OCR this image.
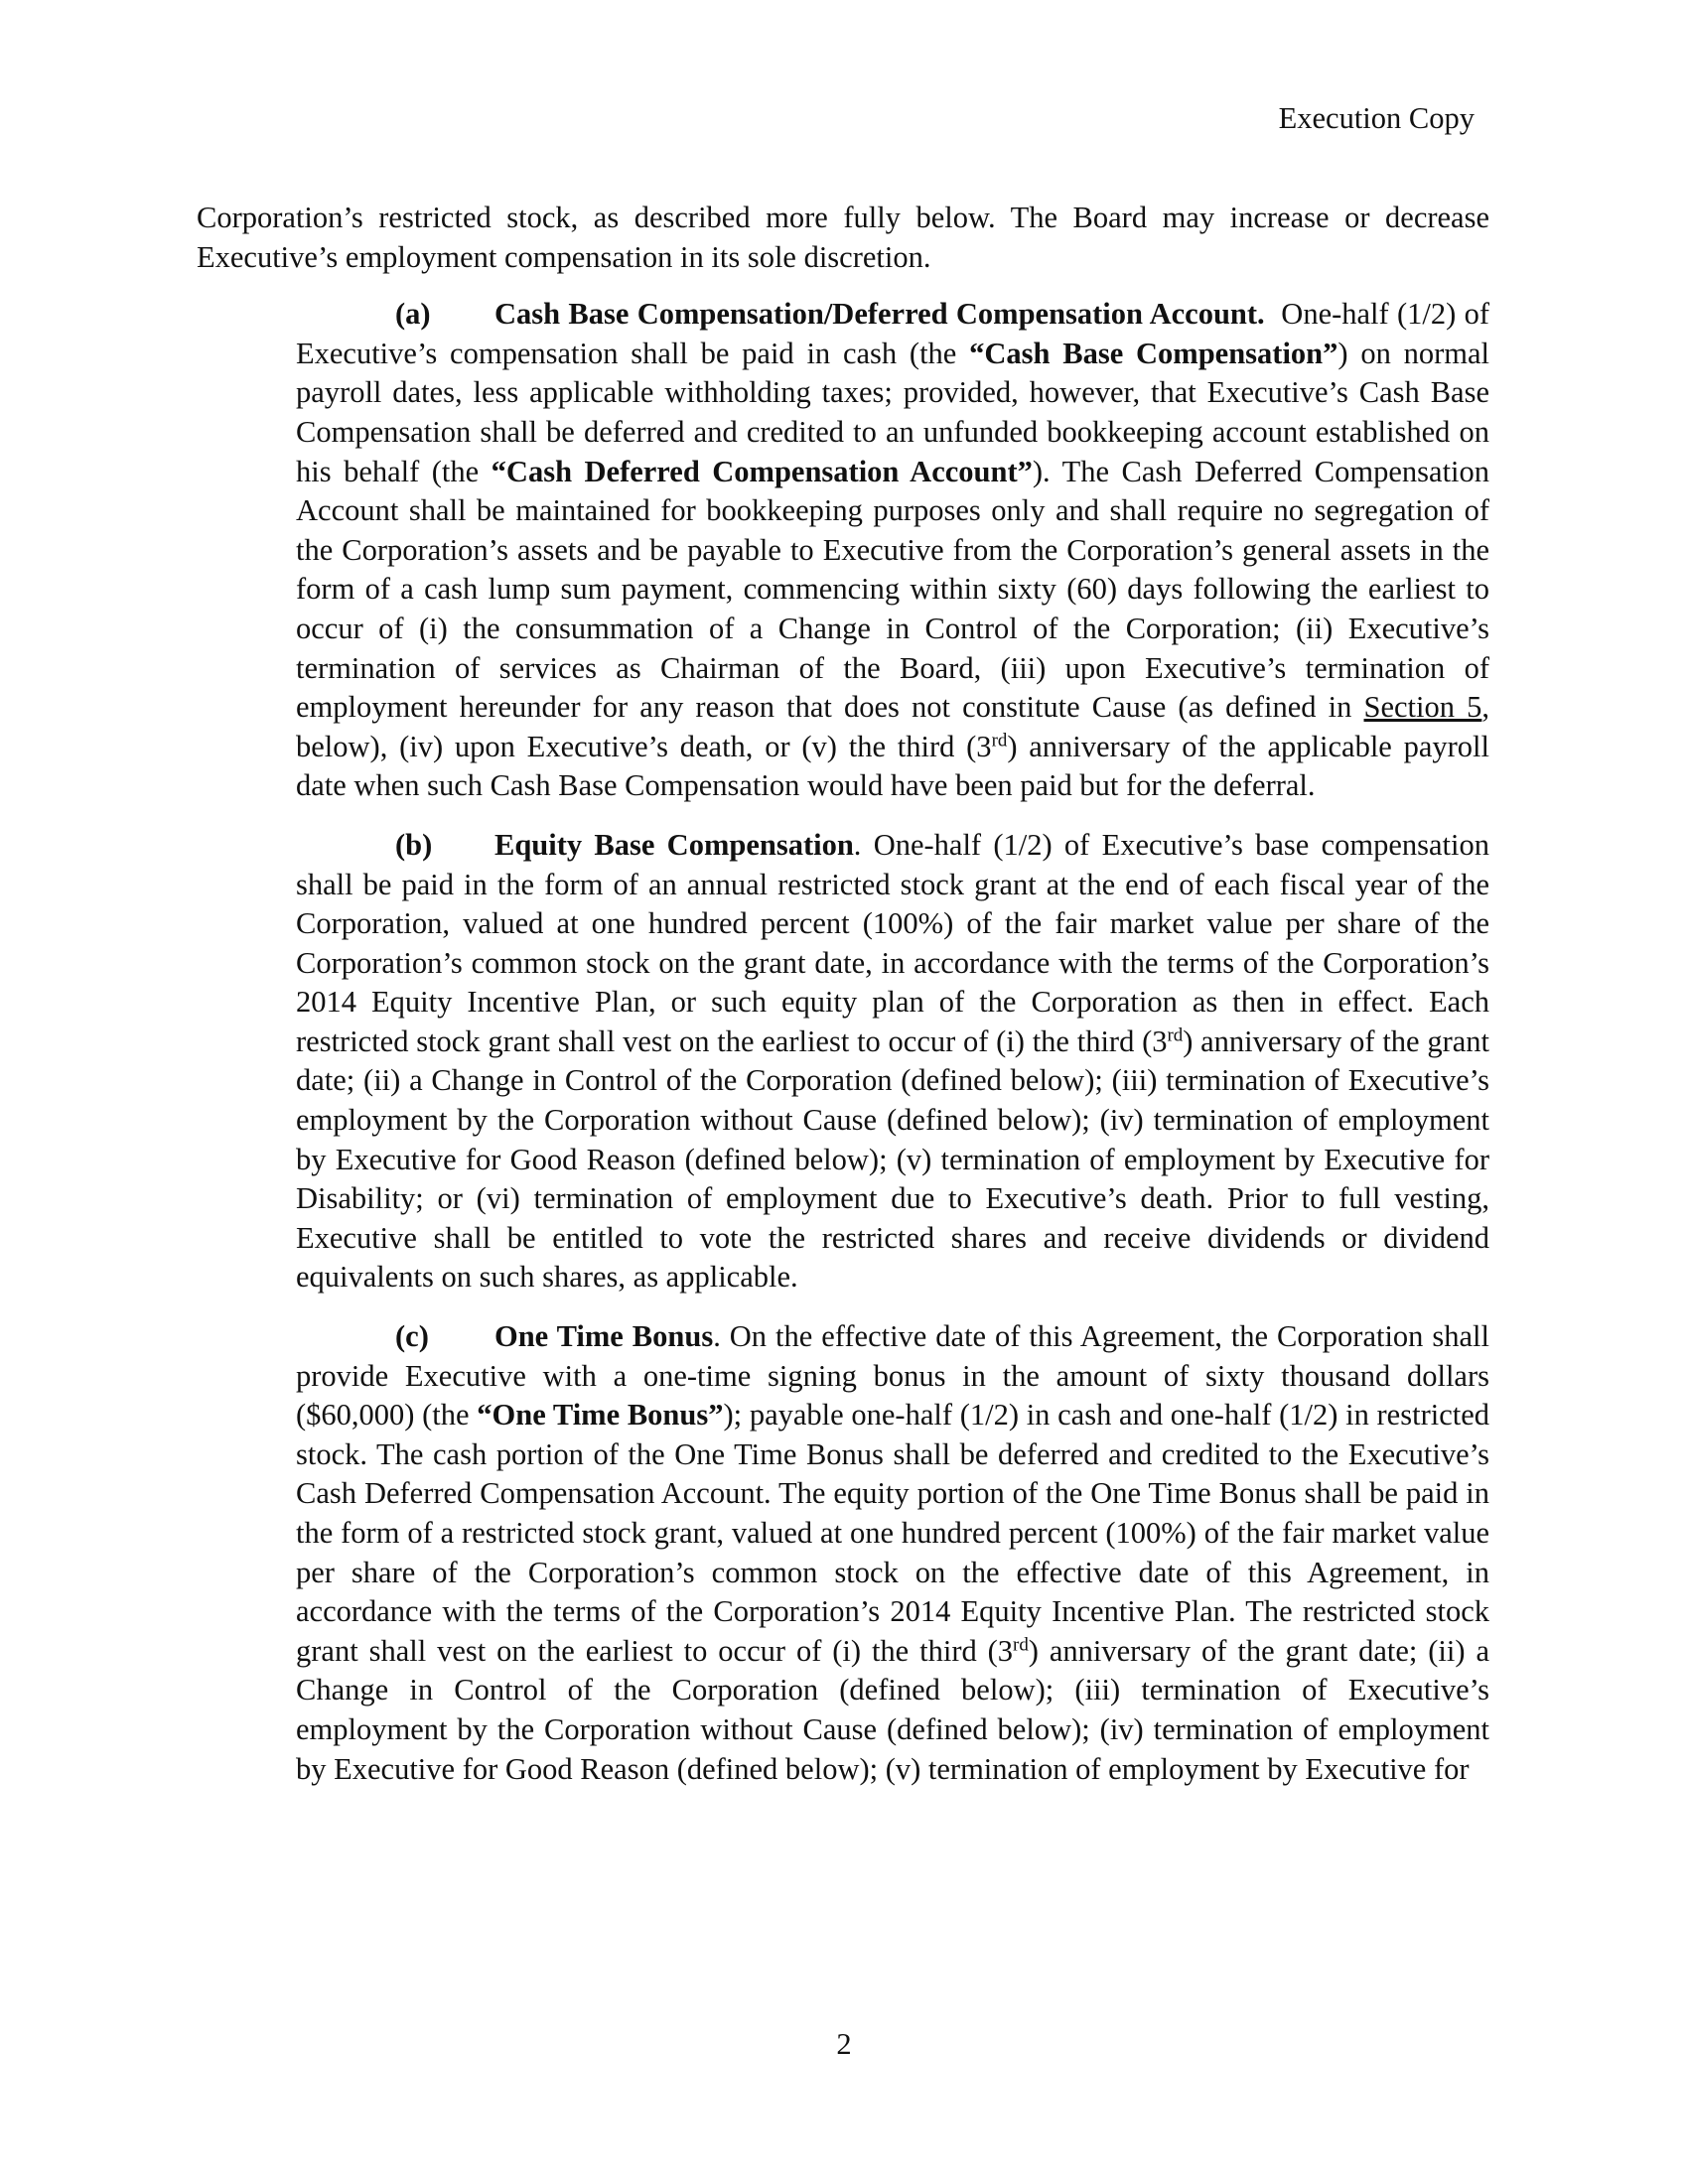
Execution Copy

Corporation’s restricted stock, as described more fully below. The Board may increase or decrease Executive’s employment compensation in its sole discretion.

(a) Cash Base Compensation/Deferred Compensation Account. One-half (1/2) of Executive’s compensation shall be paid in cash (the “Cash Base Compensation”) on normal payroll dates, less applicable withholding taxes; provided, however, that Executive’s Cash Base Compensation shall be deferred and credited to an unfunded bookkeeping account established on his behalf (the “Cash Deferred Compensation Account”). The Cash Deferred Compensation Account shall be maintained for bookkeeping purposes only and shall require no segregation of the Corporation’s assets and be payable to Executive from the Corporation’s general assets in the form of a cash lump sum payment, commencing within sixty (60) days following the earliest to occur of (i) the consummation of a Change in Control of the Corporation; (ii) Executive’s termination of services as Chairman of the Board, (iii) upon Executive’s termination of employment hereunder for any reason that does not constitute Cause (as defined in Section 5, below), (iv) upon Executive’s death, or (v) the third (3rd) anniversary of the applicable payroll date when such Cash Base Compensation would have been paid but for the deferral.

(b) Equity Base Compensation. One-half (1/2) of Executive’s base compensation shall be paid in the form of an annual restricted stock grant at the end of each fiscal year of the Corporation, valued at one hundred percent (100%) of the fair market value per share of the Corporation’s common stock on the grant date, in accordance with the terms of the Corporation’s 2014 Equity Incentive Plan, or such equity plan of the Corporation as then in effect. Each restricted stock grant shall vest on the earliest to occur of (i) the third (3rd) anniversary of the grant date; (ii) a Change in Control of the Corporation (defined below); (iii) termination of Executive’s employment by the Corporation without Cause (defined below); (iv) termination of employment by Executive for Good Reason (defined below); (v) termination of employment by Executive for Disability; or (vi) termination of employment due to Executive’s death. Prior to full vesting, Executive shall be entitled to vote the restricted shares and receive dividends or dividend equivalents on such shares, as applicable.

(c) One Time Bonus. On the effective date of this Agreement, the Corporation shall provide Executive with a one-time signing bonus in the amount of sixty thousand dollars ($60,000) (the “One Time Bonus”); payable one-half (1/2) in cash and one-half (1/2) in restricted stock. The cash portion of the One Time Bonus shall be deferred and credited to the Executive’s Cash Deferred Compensation Account. The equity portion of the One Time Bonus shall be paid in the form of a restricted stock grant, valued at one hundred percent (100%) of the fair market value per share of the Corporation’s common stock on the effective date of this Agreement, in accordance with the terms of the Corporation’s 2014 Equity Incentive Plan. The restricted stock grant shall vest on the earliest to occur of (i) the third (3rd) anniversary of the grant date; (ii) a Change in Control of the Corporation (defined below); (iii) termination of Executive’s employment by the Corporation without Cause (defined below); (iv) termination of employment by Executive for Good Reason (defined below); (v) termination of employment by Executive for

2
